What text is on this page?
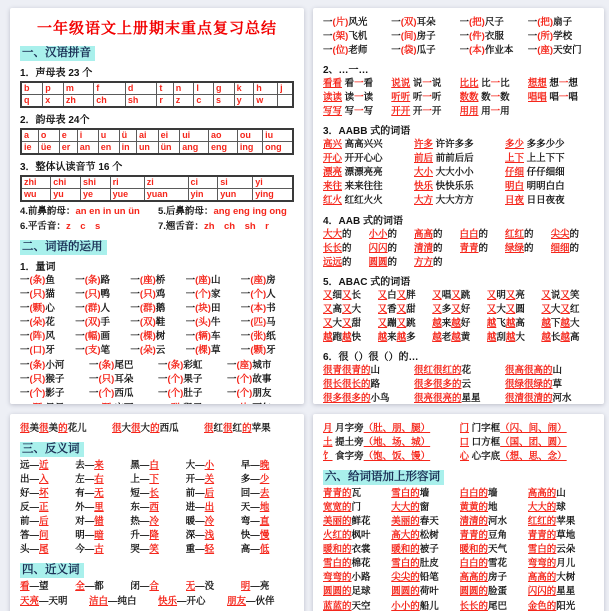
一年级语文上册期末重点复习总结
一、汉语拼音
1．声母表 23 个
b	p	m	f	d	t	n	l	g	k	h	j
q	x	zh	ch	sh	r	z	c	s	y	w	
2．韵母表 24个
a	o	e	i	u	ü	ai	ei	ui	ao	ou	iu
ie	üe	er	an	en	in	un	ün	ang	eng	ing	ong
3．整体认读音节 16 个
zhi	chi	shi	ri	zi	ci	si	yi
wu	yu	ye	yue	yuan	yin	yun	ying
4.前鼻韵母：an en in un ün	5.后鼻韵母：ang eng ing ong
6.平舌音：z　c　s	7.翘舌音：zh　ch　sh　r
二、词语的运用
1．量词
一(条)鱼	一(条)路	一(座)桥	一(座)山	一(座)房
一(只)猫	一(只)鸭	一(只)鸡	一(个)家	一(个)人
一(颗)心	一(群)人	一(群)鹅	一(块)田	一(本)书
一(朵)花	一(双)手	一(双)鞋	一(头)牛	一(匹)马
一(阵)风	一(幅)画	一(棵)树	一(辆)车	一(张)纸
一(口)牙	一(支)笔	一(朵)云	一(棵)草	一(颗)牙
一(条)小河	一(条)尾巴	一(条)彩虹	一(座)城市
一(只)猴子	一(只)耳朵	一(个)果子	一(个)故事
一(个)影子	一(个)西瓜	一(个)肚子	一(个)朋友
一(片)风光	一(双)耳朵	一(把)尺子	一(把)扇子
一(架)飞机	一(间)房子	一(件)衣服	一(所)学校
一(位)老师	一(袋)瓜子	一(本)作业本	一(座)天安门
2、…一…
看看 看一看	说说 说一说	比比 比一比	想想 想一想
读读 读一读	听听 听一听	数数 数一数	唱唱 唱一唱
写写 写一写	开开 开一开	用用 用一用
3．AABB 式的词语
高兴 高高兴兴	许多 许许多多	多少 多多少少
开心 开开心心	前后 前前后后	上下 上上下下
漂亮 漂漂亮亮	大小 大大小小	仔细 仔仔细细
来往 来来往往	快乐 快快乐乐	明白 明明白白
红火 红红火火	大方 大大方方	日夜 日日夜夜
4．AAB 式的词语
大大的	小小的	高高的	白白的	红红的	尖尖的
长长的	闪闪的	清清的	青青的	绿绿的	细细的
远远的	圆圆的	方方的
5．ABAC 式的词语
又细又长	又白又胖	又唱又跳	又明又亮	又说又笑
又高又大	又香又甜	又多又好	又大又圆	又大又红
又大又甜	又蹦又跳	越来越好	越飞越高	越下越大
越跑越快	越来越多	越老越黄	越刮越大	越长越高
6．很（）很（）的…
很青很青的山	很红很红的花	很高很高的山
很长很长的路	很多很多的云	很绿很绿的草
很多很多的小鸟	很亮很亮的星星	很清很清的河水
很美很美的花儿	很大很大的西瓜	很红很红的苹果
三、反义词
远—近	去—来	黑—白	大—小	早—晚
出—入	左—右	上—下	开—关	多—少
好—坏	有—无	短—长	前—后	回—去
反—正	外—里	东—西	进—出	天—地
前—后	对—错	热—冷	暖—冷	弯—直
答—问	明—暗	升—降	深—浅	快—慢
头—尾	今—古	哭—笑	重—轻	高—低
四、近义词
看—望	全—都	闭—合	无—没	明—亮
天亮—天明	洁白—纯白	快乐—开心	朋友—伙伴
月 月字旁（肚、朋、腿）	门 门字框（闪、间、闹）
土 提土旁（地、场、城）	口 口方框（国、团、圆）
饣 食字旁（饱、饭、馒）	心 心字底（想、思、念）
六、给词语加上形容词
青青的瓦	雪白的墙	白白的墙	高高的山
宽宽的门	大大的窗	黄黄的地	大大的球
美丽的鲜花	美丽的春天	清清的河水	红红的苹果
火红的枫叶	高大的松树	青青的豆角	青青的草地
暖和的衣裳	暖和的被子	暖和的天气	雪白的云朵
雪白的棉花	雪白的肚皮	白白的雪花	弯弯的月儿
弯弯的小路	尖尖的铅笔	高高的房子	高高的大树
圆圆的足球	圆圆的荷叶	圆圆的脸蛋	闪闪的星星
蓝蓝的天空	小小的船儿	长长的尾巴	金色的阳光
